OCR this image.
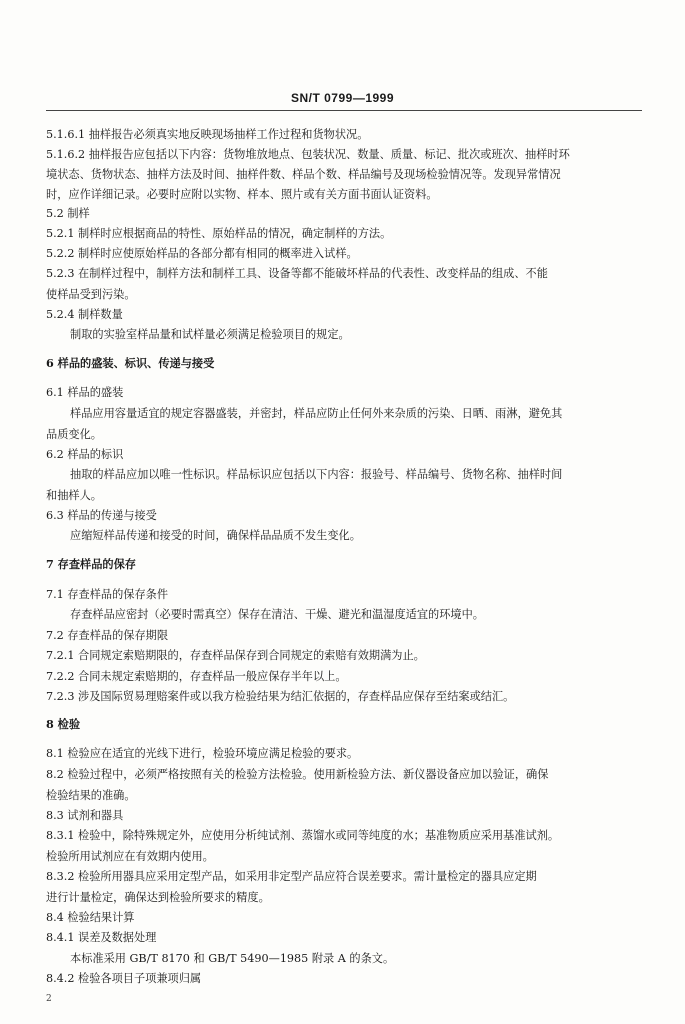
SN/T 0799—1999
5.1.6.1 抽样报告必须真实地反映现场抽样工作过程和货物状况。
5.1.6.2 抽样报告应包括以下内容：货物堆放地点、包装状况、数量、质量、标记、批次或班次、抽样时环
境状态、货物状态、抽样方法及时间、抽样件数、样品个数、样品编号及现场检验情况等。发现异常情况
时，应作详细记录。必要时应附以实物、样本、照片或有关方面书面认证资料。
5.2 制样
5.2.1 制样时应根据商品的特性、原始样品的情况，确定制样的方法。
5.2.2 制样时应使原始样品的各部分都有相同的概率进入试样。
5.2.3 在制样过程中，制样方法和制样工具、设备等都不能破坏样品的代表性、改变样品的组成、不能
使样品受到污染。
5.2.4 制样数量
制取的实验室样品量和试样量必须满足检验项目的规定。
6 样品的盛装、标识、传递与接受
6.1 样品的盛装
样品应用容量适宜的规定容器盛装，并密封，样品应防止任何外来杂质的污染、日晒、雨淋，避免其
品质变化。
6.2 样品的标识
抽取的样品应加以唯一性标识。样品标识应包括以下内容：报验号、样品编号、货物名称、抽样时间
和抽样人。
6.3 样品的传递与接受
应缩短样品传递和接受的时间，确保样品品质不发生变化。
7 存查样品的保存
7.1 存查样品的保存条件
存查样品应密封（必要时需真空）保存在清洁、干燥、避光和温湿度适宜的环境中。
7.2 存查样品的保存期限
7.2.1 合同规定索赔期限的，存查样品保存到合同规定的索赔有效期满为止。
7.2.2 合同未规定索赔期的，存查样品一般应保存半年以上。
7.2.3 涉及国际贸易理赔案件或以我方检验结果为结汇依据的，存查样品应保存至结案或结汇。
8 检验
8.1 检验应在适宜的光线下进行，检验环境应满足检验的要求。
8.2 检验过程中，必须严格按照有关的检验方法检验。使用新检验方法、新仪器设备应加以验证，确保
检验结果的准确。
8.3 试剂和器具
8.3.1 检验中，除特殊规定外，应使用分析纯试剂、蒸馏水或同等纯度的水；基准物质应采用基准试剂。
检验所用试剂应在有效期内使用。
8.3.2 检验所用器具应采用定型产品，如采用非定型产品应符合误差要求。需计量检定的器具应定期
进行计量检定，确保达到检验所要求的精度。
8.4 检验结果计算
8.4.1 误差及数据处理
本标准采用 GB/T 8170 和 GB/T 5490—1985 附录 A 的条文。
8.4.2 检验各项目子项兼项归属
2
